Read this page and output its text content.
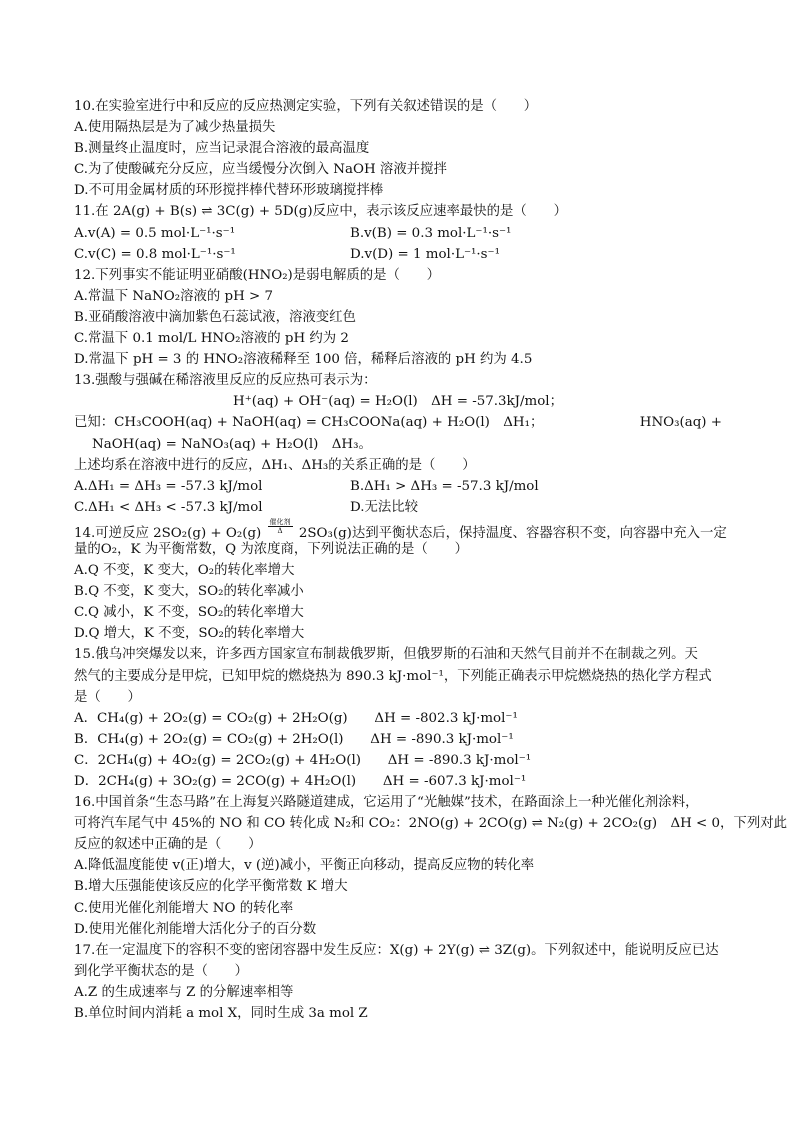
10.在实验室进行中和反应的反应热测定实验，下列有关叙述错误的是（　　）
A.使用隔热层是为了减少热量损失
B.测量终止温度时，应当记录混合溶液的最高温度
C.为了使酸碱充分反应，应当缓慢分次倒入 NaOH 溶液并搅拌
D.不可用金属材质的环形搅拌棒代替环形玻璃搅拌棒
11.在 2A(g) + B(s) ⇌ 3C(g) + 5D(g)反应中，表示该反应速率最快的是（　　）
A.v(A) = 0.5 mol·L⁻¹·s⁻¹	B.v(B) = 0.3 mol·L⁻¹·s⁻¹
C.v(C) = 0.8 mol·L⁻¹·s⁻¹	D.v(D) = 1 mol·L⁻¹·s⁻¹
12.下列事实不能证明亚硝酸(HNO₂)是弱电解质的是（　　）
A.常温下 NaNO₂溶液的 pH > 7
B.亚硝酸溶液中滴加紫色石蕊试液，溶液变红色
C.常温下 0.1 mol/L HNO₂溶液的 pH 约为 2
D.常温下 pH = 3 的 HNO₂溶液稀释至 100 倍，稀释后溶液的 pH 约为 4.5
13.强酸与强碱在稀溶液里反应的反应热可表示为：
H⁺(aq) + OH⁻(aq) = H₂O(l)　ΔH = -57.3kJ/mol；
已知：CH₃COOH(aq) + NaOH(aq) = CH₃COONa(aq) + H₂O(l)　ΔH₁；	HNO₃(aq) +
NaOH(aq) = NaNO₃(aq) + H₂O(l)　ΔH₃。
上述均系在溶液中进行的反应，ΔH₁、ΔH₃的关系正确的是（　　）
A.ΔH₁ = ΔH₃ = -57.3 kJ/mol	B.ΔH₁ > ΔH₃ = -57.3 kJ/mol
C.ΔH₁ < ΔH₃ < -57.3 kJ/mol	D.无法比较
14.可逆反应 2SO₂(g) + O₂(g)
催化剂
Δ	2SO₃(g)达到平衡状态后，保持温度、容器容积不变，向容器中充入一定
量的O₂，K 为平衡常数，Q 为浓度商，下列说法正确的是（　　）
A.Q 不变，K 变大，O₂的转化率增大
B.Q 不变，K 变大，SO₂的转化率减小
C.Q 减小，K 不变，SO₂的转化率增大
D.Q 增大，K 不变，SO₂的转化率增大
15.俄乌冲突爆发以来，许多西方国家宣布制裁俄罗斯，但俄罗斯的石油和天然气目前并不在制裁之列。天
然气的主要成分是甲烷，已知甲烷的燃烧热为 890.3 kJ·mol⁻¹，下列能正确表示甲烷燃烧热的热化学方程式
是（　　）
A．CH₄(g) + 2O₂(g) = CO₂(g) + 2H₂O(g)　　ΔH = -802.3 kJ·mol⁻¹
B．CH₄(g) + 2O₂(g) = CO₂(g) + 2H₂O(l)　　ΔH = -890.3 kJ·mol⁻¹
C．2CH₄(g) + 4O₂(g) = 2CO₂(g) + 4H₂O(l)　　ΔH = -890.3 kJ·mol⁻¹
D．2CH₄(g) + 3O₂(g) = 2CO(g) + 4H₂O(l)　　ΔH = -607.3 kJ·mol⁻¹
16.中国首条“生态马路”在上海复兴路隧道建成，它运用了“光触媒”技术，在路面涂上一种光催化剂涂料，
可将汽车尾气中 45%的 NO 和 CO 转化成 N₂和 CO₂：2NO(g) + 2CO(g) ⇌ N₂(g) + 2CO₂(g)　ΔH < 0，下列对此
反应的叙述中正确的是（　　）
A.降低温度能使 v(正)增大，v (逆)减小，平衡正向移动，提高反应物的转化率
B.增大压强能使该反应的化学平衡常数 K 增大
C.使用光催化剂能增大 NO 的转化率
D.使用光催化剂能增大活化分子的百分数
17.在一定温度下的容积不变的密闭容器中发生反应：X(g) + 2Y(g) ⇌ 3Z(g)。下列叙述中，能说明反应已达
到化学平衡状态的是（　　）
A.Z 的生成速率与 Z 的分解速率相等
B.单位时间内消耗 a mol X，同时生成 3a mol Z
